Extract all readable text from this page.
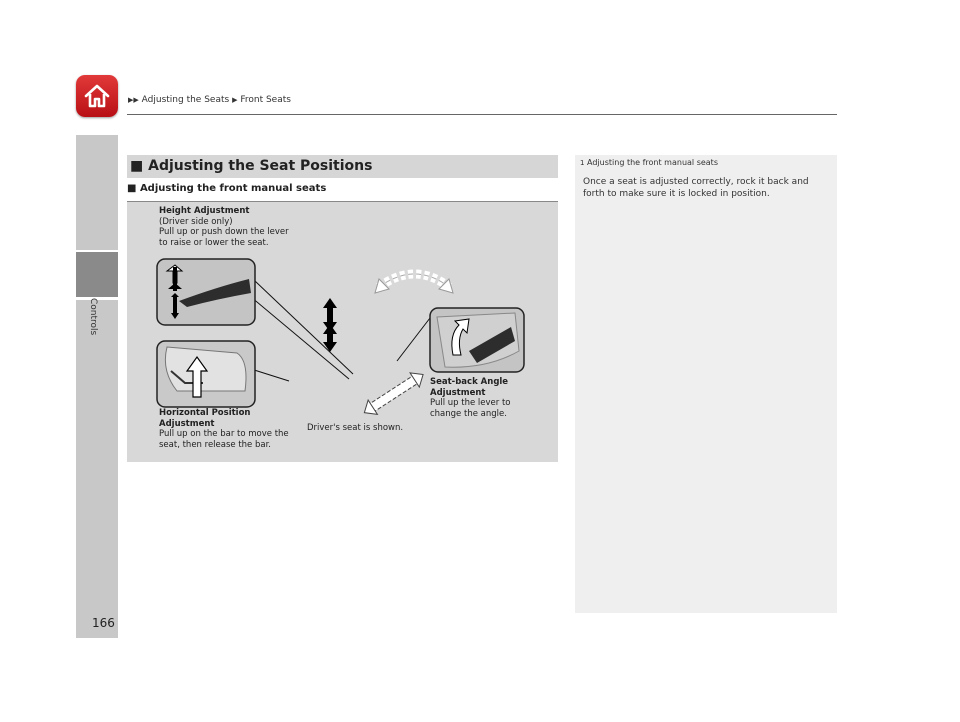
▶▶ Adjusting the Seats ▶ Front Seats
Controls
166
■ Adjusting the Seat Positions
■ Adjusting the front manual seats
Height Adjustment
(Driver side only)
Pull up or push down the lever to raise or lower the seat.
Horizontal Position Adjustment
Pull up on the bar to move the seat, then release the bar.
Seat-back Angle Adjustment
Pull up the lever to change the angle.
Driver's seat is shown.
1 Adjusting the front manual seats
Once a seat is adjusted correctly, rock it back and forth to make sure it is locked in position.
